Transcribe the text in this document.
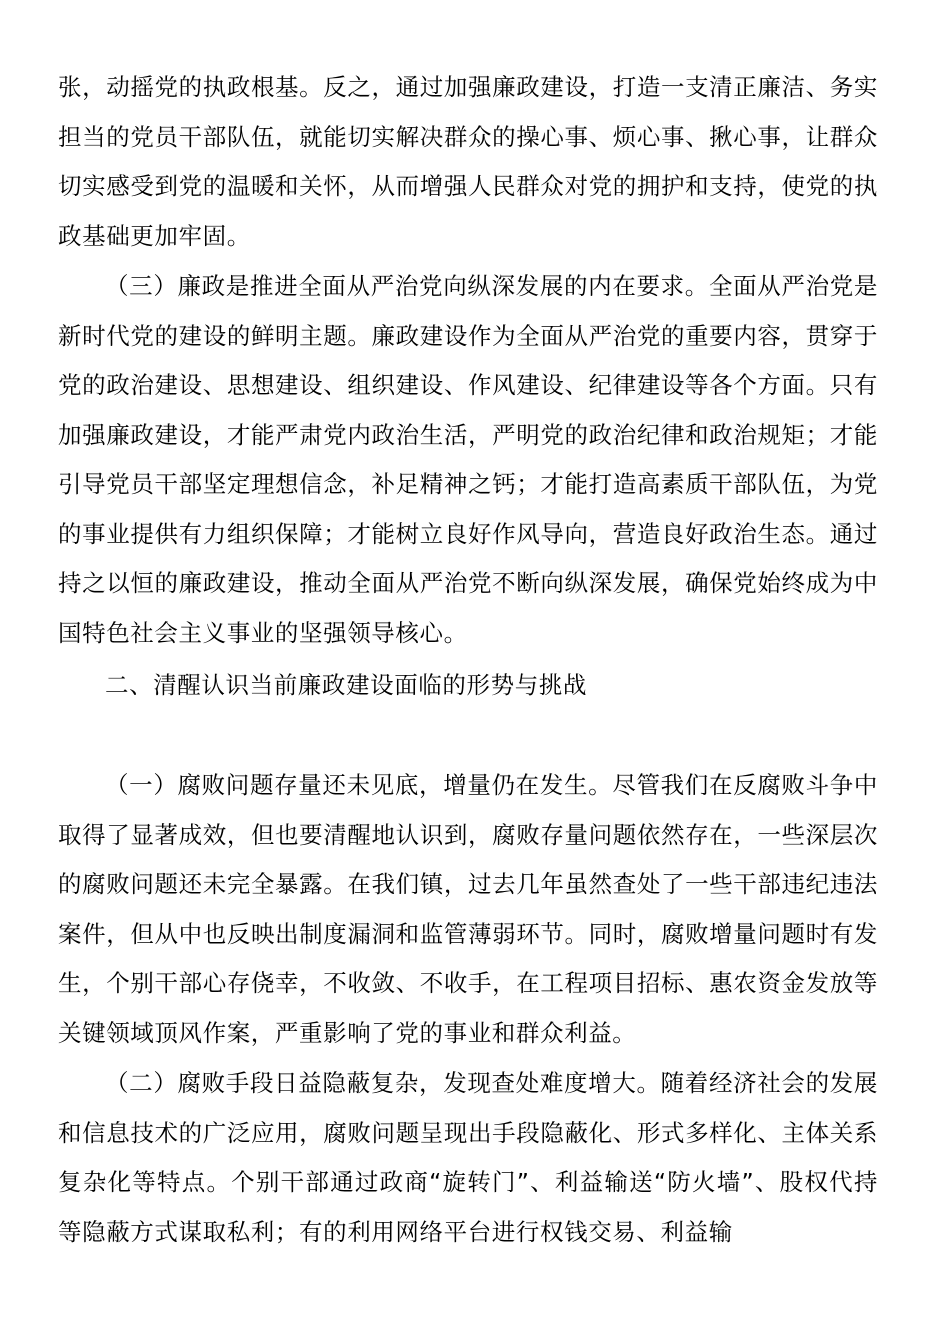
张，动摇党的执政根基。反之，通过加强廉政建设，打造一支清正廉洁、务实担当的党员干部队伍，就能切实解决群众的操心事、烦心事、揪心事，让群众切实感受到党的温暖和关怀，从而增强人民群众对党的拥护和支持，使党的执政基础更加牢固。

（三）廉政是推进全面从严治党向纵深发展的内在要求。全面从严治党是新时代党的建设的鲜明主题。廉政建设作为全面从严治党的重要内容，贯穿于党的政治建设、思想建设、组织建设、作风建设、纪律建设等各个方面。只有加强廉政建设，才能严肃党内政治生活，严明党的政治纪律和政治规矩；才能引导党员干部坚定理想信念，补足精神之钙；才能打造高素质干部队伍，为党的事业提供有力组织保障；才能树立良好作风导向，营造良好政治生态。通过持之以恒的廉政建设，推动全面从严治党不断向纵深发展，确保党始终成为中国特色社会主义事业的坚强领导核心。

二、清醒认识当前廉政建设面临的形势与挑战

（一）腐败问题存量还未见底，增量仍在发生。尽管我们在反腐败斗争中取得了显著成效，但也要清醒地认识到，腐败存量问题依然存在，一些深层次的腐败问题还未完全暴露。在我们镇，过去几年虽然查处了一些干部违纪违法案件，但从中也反映出制度漏洞和监管薄弱环节。同时，腐败增量问题时有发生，个别干部心存侥幸，不收敛、不收手，在工程项目招标、惠农资金发放等关键领域顶风作案，严重影响了党的事业和群众利益。

（二）腐败手段日益隐蔽复杂，发现查处难度增大。随着经济社会的发展和信息技术的广泛应用，腐败问题呈现出手段隐蔽化、形式多样化、主体关系复杂化等特点。个别干部通过政商“旋转门”、利益输送“防火墙”、股权代持等隐蔽方式谋取私利；有的利用网络平台进行权钱交易、利益输
